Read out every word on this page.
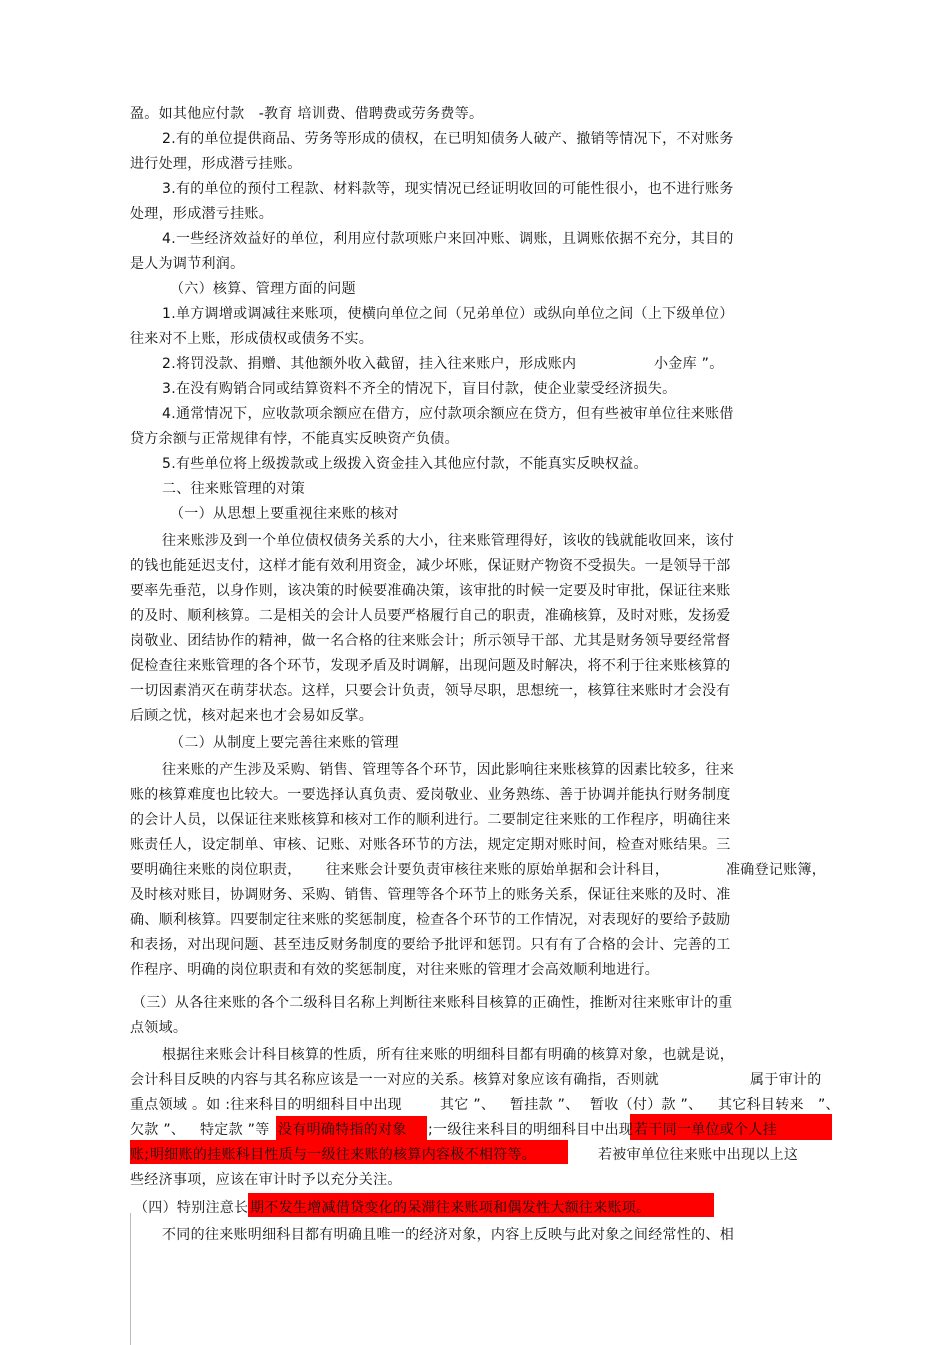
盈。如其他应付款　-教育 培训费、借聘费或劳务费等。
2.有的单位提供商品、劳务等形成的债权，在已明知债务人破产、撤销等情况下，不对账务
进行处理，形成潜亏挂账。
3.有的单位的预付工程款、材料款等，现实情况已经证明收回的可能性很小，也不进行账务
处理，形成潜亏挂账。
4.一些经济效益好的单位，利用应付款项账户来回冲账、调账，且调账依据不充分，其目的
是人为调节利润。
（六）核算、管理方面的问题
1.单方调增或调减往来账项，使横向单位之间（兄弟单位）或纵向单位之间（上下级单位）
往来对不上账，形成债权或债务不实。
2.将罚没款、捐赠、其他额外收入截留，挂入往来账户，形成账内	小金库 ”。
3.在没有购销合同或结算资料不齐全的情况下，盲目付款，使企业蒙受经济损失。
4.通常情况下，应收款项余额应在借方，应付款项余额应在贷方，但有些被审单位往来账借
贷方余额与正常规律有悖，不能真实反映资产负债。
5.有些单位将上级拨款或上级拨入资金挂入其他应付款，不能真实反映权益。
二、往来账管理的对策
（一）从思想上要重视往来账的核对
往来账涉及到一个单位债权债务关系的大小，往来账管理得好，该收的钱就能收回来，该付
的钱也能延迟支付，这样才能有效利用资金，减少坏账，保证财产物资不受损失。一是领导干部
要率先垂范，以身作则，该决策的时候要准确决策，该审批的时候一定要及时审批，保证往来账
的及时、顺利核算。二是相关的会计人员要严格履行自己的职责，准确核算，及时对账，发扬爱
岗敬业、团结协作的精神，做一名合格的往来账会计；所示领导干部、尤其是财务领导要经常督
促检查往来账管理的各个环节，发现矛盾及时调解，出现问题及时解决，将不利于往来账核算的
一切因素消灭在萌芽状态。这样，只要会计负责，领导尽职，思想统一，核算往来账时才会没有
后顾之忧，核对起来也才会易如反掌。
（二）从制度上要完善往来账的管理
往来账的产生涉及采购、销售、管理等各个环节，因此影响往来账核算的因素比较多，往来
账的核算难度也比较大。一要选择认真负责、爱岗敬业、业务熟练、善于协调并能执行财务制度
的会计人员，以保证往来账核算和核对工作的顺利进行。二要制定往来账的工作程序，明确往来
账责任人，设定制单、审核、记账、对账各环节的方法，规定定期对账时间，检查对账结果。三
要明确往来账的岗位职责， 往来账会计要负责审核往来账的原始单据和会计科目，	准确登记账簿，
及时核对账目，协调财务、采购、销售、管理等各个环节上的账务关系，保证往来账的及时、准
确、顺利核算。四要制定往来账的奖惩制度，检查各个环节的工作情况，对表现好的要给予鼓励
和表扬，对出现问题、甚至违反财务制度的要给予批评和惩罚。只有有了合格的会计、完善的工
作程序、明确的岗位职责和有效的奖惩制度，对往来账的管理才会高效顺利地进行。
（三）从各往来账的各个二级科目名称上判断往来账科目核算的正确性，推断对往来账审计的重
点领域。
根据往来账会计科目核算的性质，所有往来账的明细科目都有明确的核算对象，也就是说，
会计科目反映的内容与其名称应该是一一对应的关系。核算对象应该有确指，否则就	属于审计的
重点领域 。如 :往来科目的明细科目中出现	其它 ”、 暂挂款 ”、 暂收（付）款 ”、 其它科目转来 ”、
欠款 ”、 特定款 ”等 没有明确特指的对象 ;一级往来科目的明细科目中出现 若干同一单位或个人挂
账; 明细账的挂账科目性质与一级往来账的核算内容极不相符等。	若被审单位往来账中出现以上这
些经济事项，应该在审计时予以充分关注。
（四）特别注意长 期不发生增减借贷变化的呆滞往来账项和偶发性大额往来账项。
不同的往来账明细科目都有明确且唯一的经济对象，内容上反映与此对象之间经常性的、相
